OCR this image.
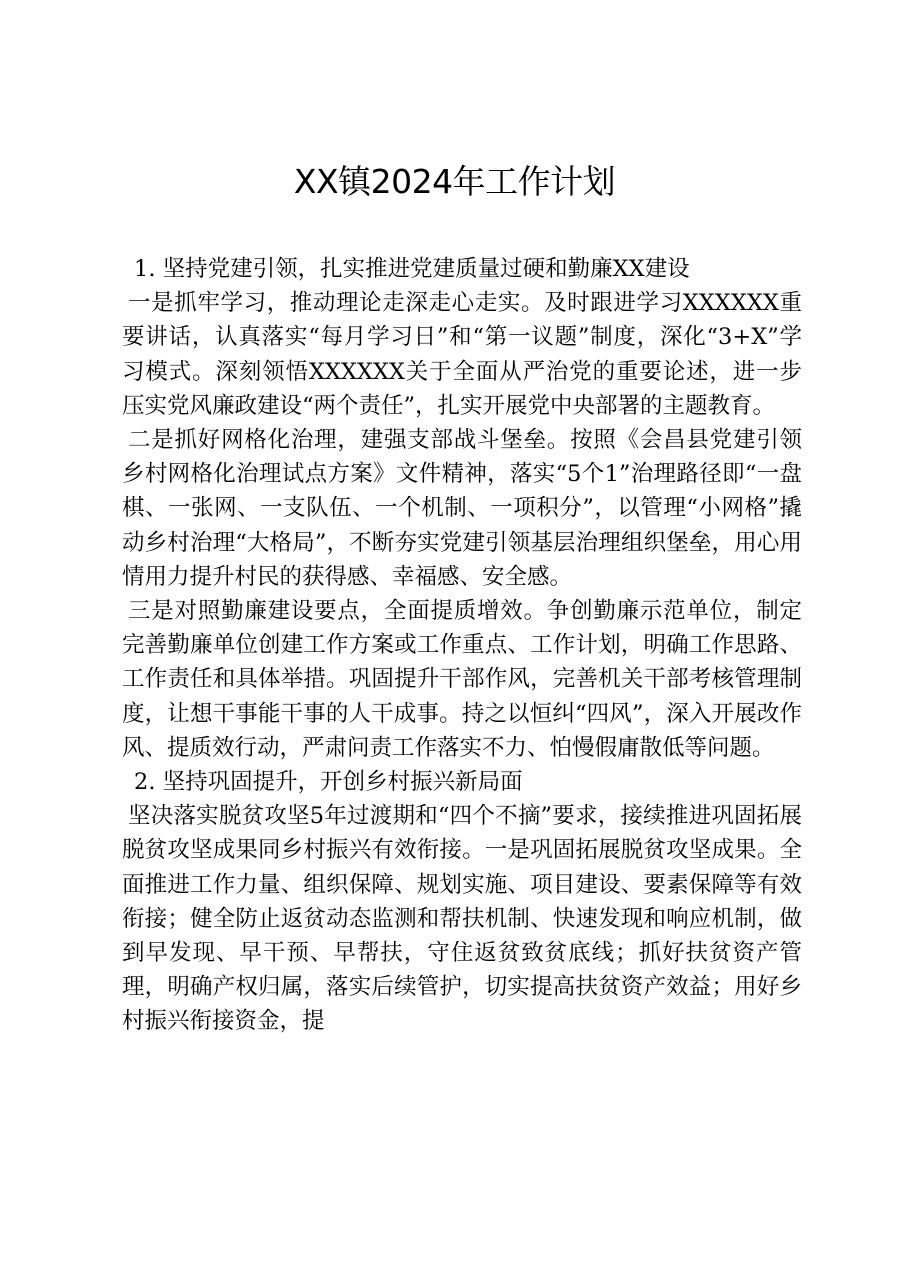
XX镇2024年工作计划

1. 坚持党建引领，扎实推进党建质量过硬和勤廉XX建设

一是抓牢学习，推动理论走深走心走实。及时跟进学习XXXXXX重要讲话，认真落实“每月学习日”和“第一议题”制度，深化“3+X”学习模式。深刻领悟XXXXXX关于全面从严治党的重要论述，进一步压实党风廉政建设“两个责任”，扎实开展党中央部署的主题教育。

二是抓好网格化治理，建强支部战斗堡垒。按照《会昌县党建引领乡村网格化治理试点方案》文件精神，落实“5个1”治理路径即“一盘棋、一张网、一支队伍、一个机制、一项积分”，以管理“小网格”撬动乡村治理“大格局”，不断夯实党建引领基层治理组织堡垒，用心用情用力提升村民的获得感、幸福感、安全感。

三是对照勤廉建设要点，全面提质增效。争创勤廉示范单位，制定完善勤廉单位创建工作方案或工作重点、工作计划，明确工作思路、工作责任和具体举措。巩固提升干部作风，完善机关干部考核管理制度，让想干事能干事的人干成事。持之以恒纠“四风”，深入开展改作风、提质效行动，严肃问责工作落实不力、怕慢假庸散低等问题。

2. 坚持巩固提升，开创乡村振兴新局面

坚决落实脱贫攻坚5年过渡期和“四个不摘”要求，接续推进巩固拓展脱贫攻坚成果同乡村振兴有效衔接。一是巩固拓展脱贫攻坚成果。全面推进工作力量、组织保障、规划实施、项目建设、要素保障等有效衔接；健全防止返贫动态监测和帮扶机制、快速发现和响应机制，做到早发现、早干预、早帮扶，守住返贫致贫底线；抓好扶贫资产管理，明确产权归属，落实后续管护，切实提高扶贫资产效益；用好乡村振兴衔接资金，提
